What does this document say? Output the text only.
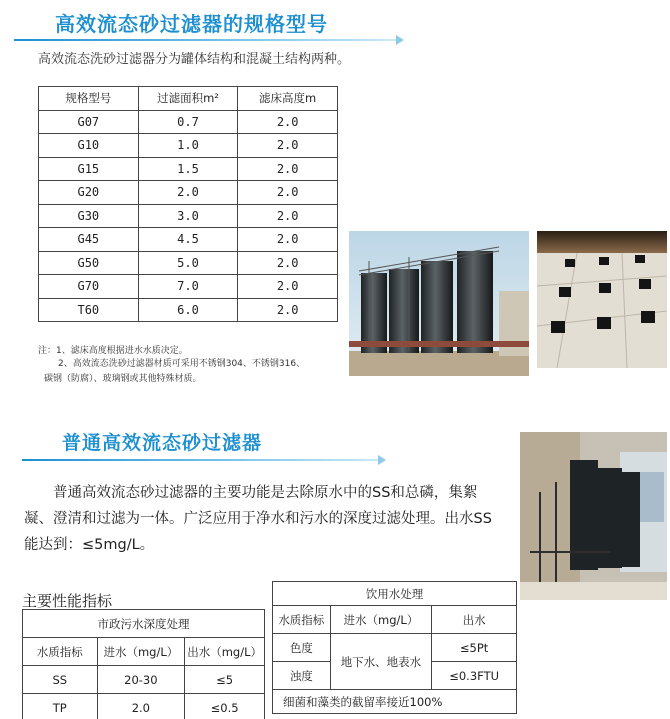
高效流态砂过滤器的规格型号
高效流态洗砂过滤器分为罐体结构和混凝土结构两种。
规格型号	过滤面积m²	滤床高度m
G07	0.7	2.0
G10	1.0	2.0
G15	1.5	2.0
G20	2.0	2.0
G30	3.0	2.0
G45	4.5	2.0
G50	5.0	2.0
G70	7.0	2.0
T60	6.0	2.0
注：1、滤床高度根据进水水质决定。
2、高效流态洗砂过滤器材质可采用不锈钢304、不锈钢316、
碳钢（防腐）、玻璃钢或其他特殊材质。
普通高效流态砂过滤器
普通高效流态砂过滤器的主要功能是去除原水中的SS和总磷，集絮凝、澄清和过滤为一体。广泛应用于净水和污水的深度过滤处理。出水SS能达到：≤5mg/L。
主要性能指标
市政污水深度处理		
水质指标	进水（mg/L）	出水（mg/L）
SS	20-30	≤5
TP	2.0	≤0.5
饮用水处理		
水质指标	进水（mg/L）	出水
色度	地下水、地表水	≤5Pt
浊度		≤0.3FTU
细菌和藻类的截留率接近100%		
